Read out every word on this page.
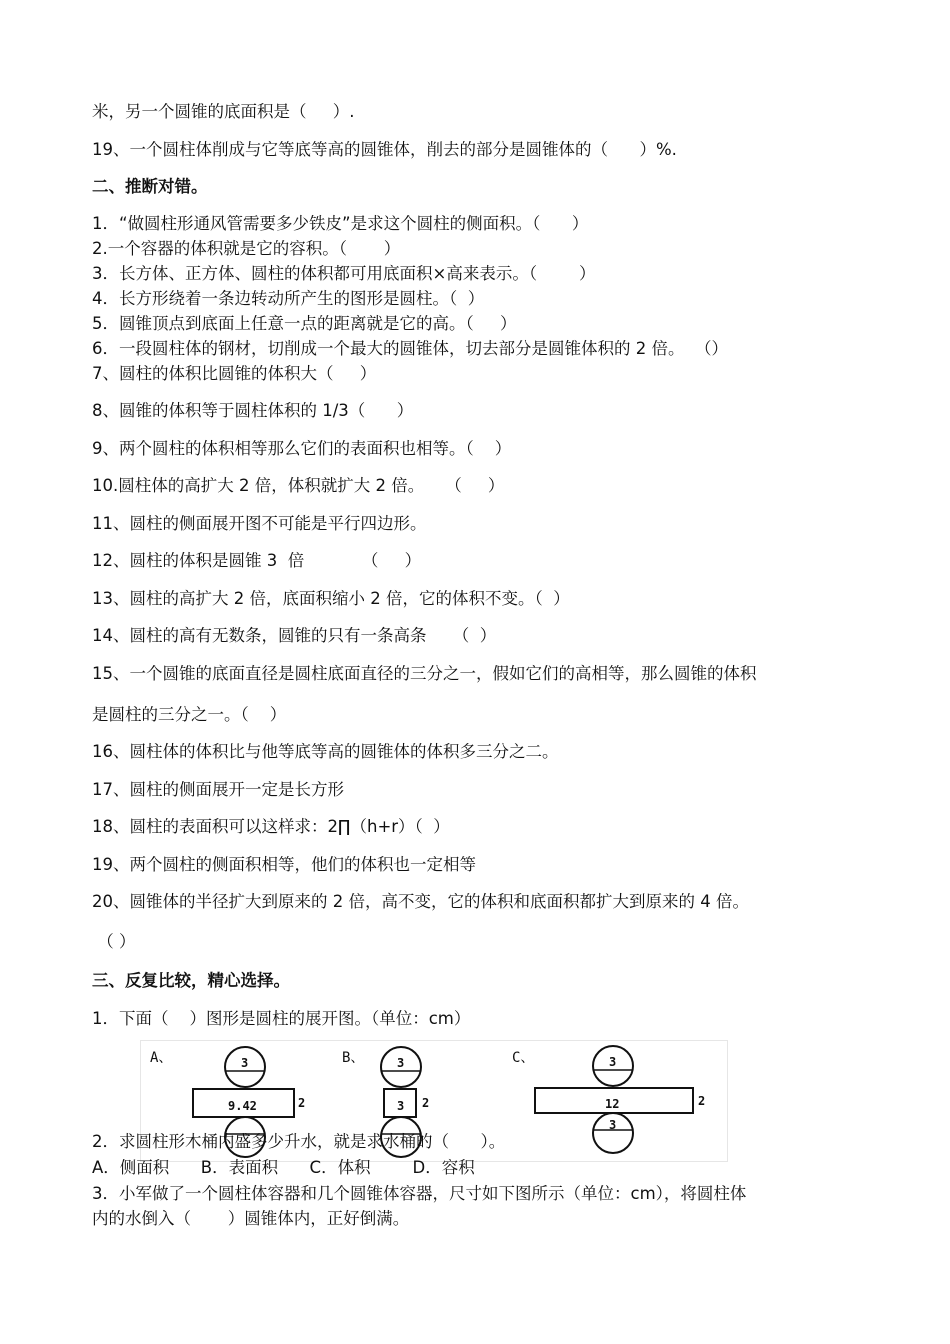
米，另一个圆锥的底面积是（     ）.
19、一个圆柱体削成与它等底等高的圆锥体，削去的部分是圆锥体的（      ）%.
二、推断对错。
1．“做圆柱形通风管需要多少铁皮”是求这个圆柱的侧面积。（      ）
2.一个容器的体积就是它的容积。（       ）
3．长方体、正方体、圆柱的体积都可用底面积×高来表示。（        ）
4．长方形绕着一条边转动所产生的图形是圆柱。（  ）
5．圆锥顶点到底面上任意一点的距离就是它的高。（     ）
6．一段圆柱体的钢材，切削成一个最大的圆锥体，切去部分是圆锥体积的 2 倍。  （）
7、圆柱的体积比圆锥的体积大（     ）
8、圆锥的体积等于圆柱体积的 1/3（      ）
9、两个圆柱的体积相等那么它们的表面积也相等。（    ）
10.圆柱体的高扩大 2 倍，体积就扩大 2 倍。    （     ）
11、圆柱的侧面展开图不可能是平行四边形。
12、圆柱的体积是圆锥 3  倍           （     ）
13、圆柱的高扩大 2 倍，底面积缩小 2 倍，它的体积不变。（  ）
14、圆柱的高有无数条，圆锥的只有一条高条     （  ）
15、一个圆锥的底面直径是圆柱底面直径的三分之一，假如它们的高相等，那么圆锥的体积
是圆柱的三分之一。（    ）
16、圆柱体的体积比与他等底等高的圆锥体的体积多三分之二。
17、圆柱的侧面展开一定是长方形
18、圆柱的表面积可以这样求：2∏（h+r）（  ）
19、两个圆柱的侧面积相等，他们的体积也一定相等
20、圆锥体的半径扩大到原来的 2 倍，高不变，它的体积和底面积都扩大到原来的 4 倍。
（ ）
三、反复比较，精心选择。
1．下面（    ）图形是圆柱的展开图。（单位：cm）
A、	3
9.42	2
B、	3
3 2
C、	3
12	2
3
2．求圆柱形木桶内盛多少升水，就是求水桶的（      ）。
A．侧面积      B．表面积      C．体积        D．容积
3．小军做了一个圆柱体容器和几个圆锥体容器，尺寸如下图所示（单位：cm），将圆柱体
内的水倒入（       ）圆锥体内，正好倒满。
